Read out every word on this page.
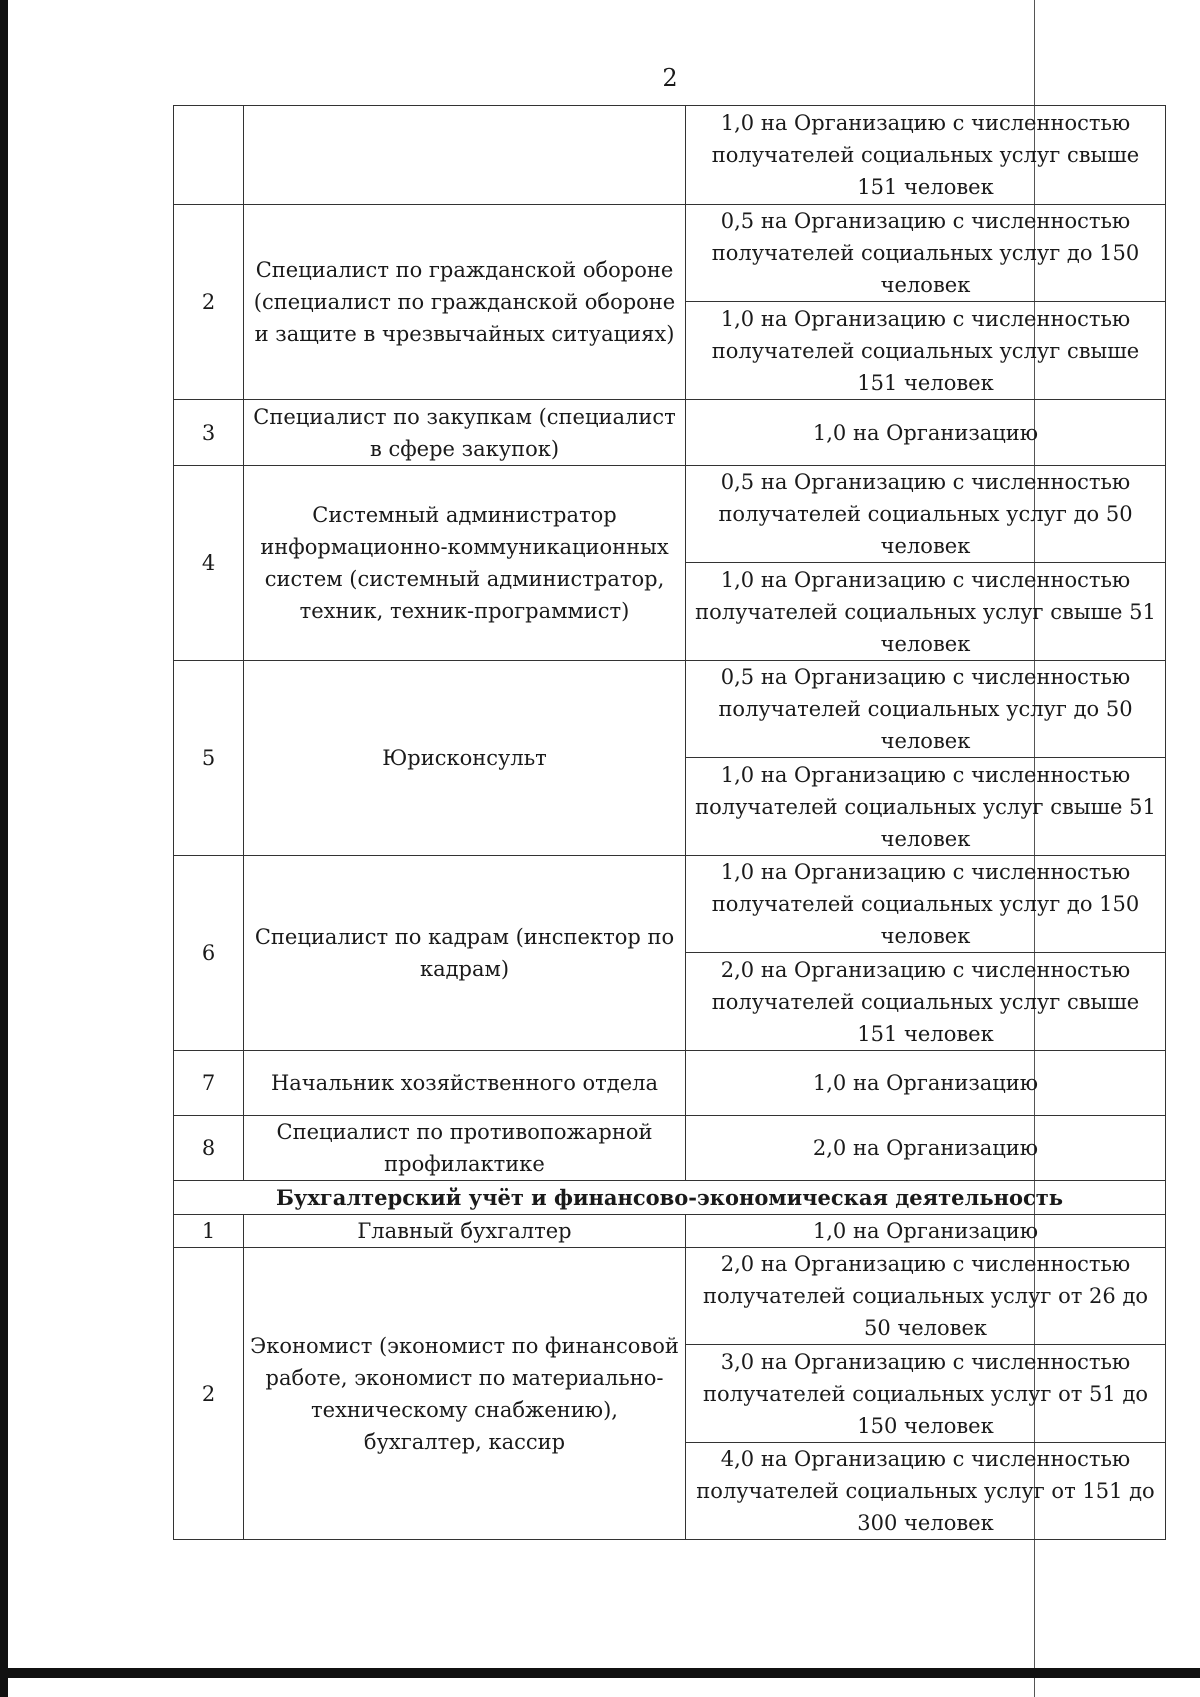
2
		1,0 на Организацию с численностью получателей социальных услуг свыше 151 человек
2	Специалист по гражданской обороне (специалист по гражданской обороне и защите в чрезвычайных ситуациях)	0,5 на Организацию с численностью получателей социальных услуг до 150 человек
		1,0 на Организацию с численностью получателей социальных услуг свыше 151 человек
3	Специалист по закупкам (специалист в сфере закупок)	1,0 на Организацию
4	Системный администратор информационно-коммуникационных систем (системный администратор, техник, техник-программист)	0,5 на Организацию с численностью получателей социальных услуг до 50 человек
		1,0 на Организацию с численностью получателей социальных услуг свыше 51 человек
5	Юрисконсульт	0,5 на Организацию с численностью получателей социальных услуг до 50 человек
		1,0 на Организацию с численностью получателей социальных услуг свыше 51 человек
6	Специалист по кадрам (инспектор по кадрам)	1,0 на Организацию с численностью получателей социальных услуг до 150 человек
		2,0 на Организацию с численностью получателей социальных услуг свыше 151 человек
7	Начальник хозяйственного отдела	1,0 на Организацию
8	Специалист по противопожарной профилактике	2,0 на Организацию
Бухгалтерский учёт и финансово-экономическая деятельность		
1	Главный бухгалтер	1,0 на Организацию
2	Экономист (экономист по финансовой работе, экономист по материально-техническому снабжению), бухгалтер, кассир	2,0 на Организацию с численностью получателей социальных услуг от 26 до 50 человек
		3,0 на Организацию с численностью получателей социальных услуг от 51 до 150 человек
		4,0 на Организацию с численностью получателей социальных услуг от 151 до 300 человек
